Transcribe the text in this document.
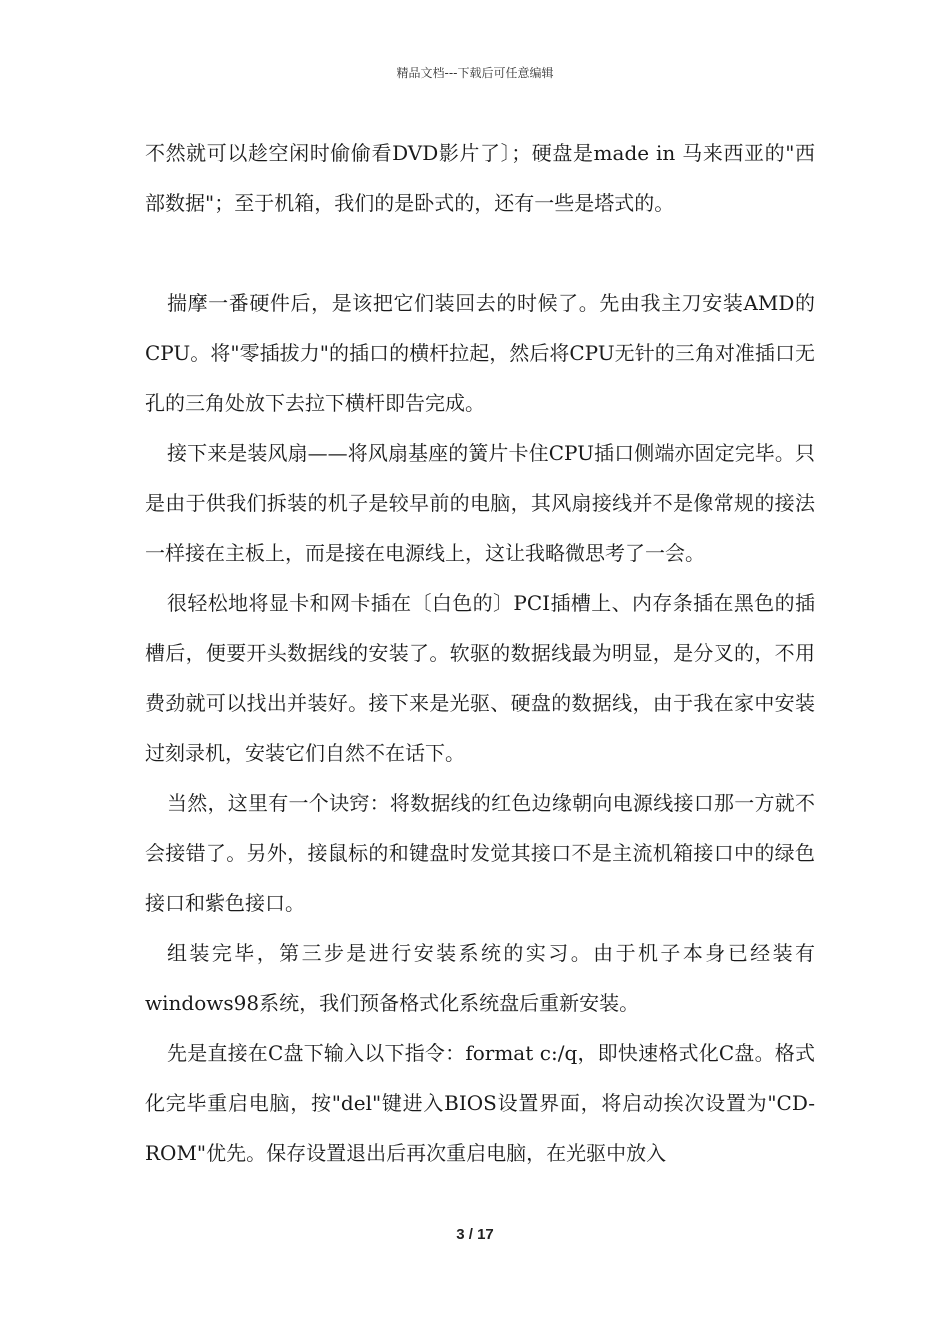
精品文档---下载后可任意编辑

不然就可以趁空闲时偷偷看DVD影片了〕；硬盘是made in 马来西亚的"西部数据"；至于机箱，我们的是卧式的，还有一些是塔式的。

揣摩一番硬件后，是该把它们装回去的时候了。先由我主刀安装AMD的CPU。将"零插拔力"的插口的横杆拉起，然后将CPU无针的三角对准插口无孔的三角处放下去拉下横杆即告完成。

接下来是装风扇——将风扇基座的簧片卡住CPU插口侧端亦固定完毕。只是由于供我们拆装的机子是较早前的电脑，其风扇接线并不是像常规的接法一样接在主板上，而是接在电源线上，这让我略微思考了一会。

很轻松地将显卡和网卡插在〔白色的〕PCI插槽上、内存条插在黑色的插槽后，便要开头数据线的安装了。软驱的数据线最为明显，是分叉的，不用费劲就可以找出并装好。接下来是光驱、硬盘的数据线，由于我在家中安装过刻录机，安装它们自然不在话下。

当然，这里有一个诀窍：将数据线的红色边缘朝向电源线接口那一方就不会接错了。另外，接鼠标的和键盘时发觉其接口不是主流机箱接口中的绿色接口和紫色接口。

组装完毕，第三步是进行安装系统的实习。由于机子本身已经装有windows98系统，我们预备格式化系统盘后重新安装。

先是直接在C盘下输入以下指令：format c:/q，即快速格式化C盘。格式化完毕重启电脑，按"del"键进入BIOS设置界面，将启动挨次设置为"CD-ROM"优先。保存设置退出后再次重启电脑，在光驱中放入

3 / 17
